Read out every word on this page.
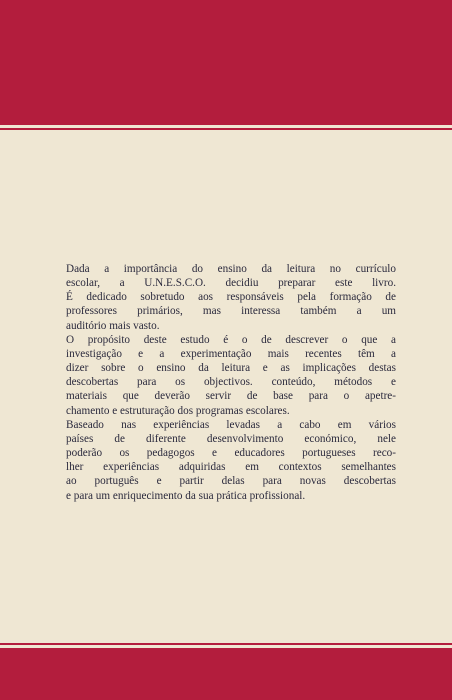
Dada a importância do ensino da leitura no currículo
escolar, a U.N.E.S.C.O. decidiu preparar este livro.
É dedicado sobretudo aos responsáveis pela formação de
professores primários, mas interessa também a um
auditório mais vasto.
O propósito deste estudo é o de descrever o que a
investigação e a experimentação mais recentes têm a
dizer sobre o ensino da leitura e as implicações destas
descobertas para os objectivos. conteúdo, métodos e
materiais que deverão servir de base para o apetre-
chamento e estruturação dos programas escolares.
Baseado nas experiências levadas a cabo em vários
países de diferente desenvolvimento económico, nele
poderão os pedagogos e educadores portugueses reco-
lher experiências adquiridas em contextos semelhantes
ao português e partir delas para novas descobertas
e para um enriquecimento da sua prática profissional.
